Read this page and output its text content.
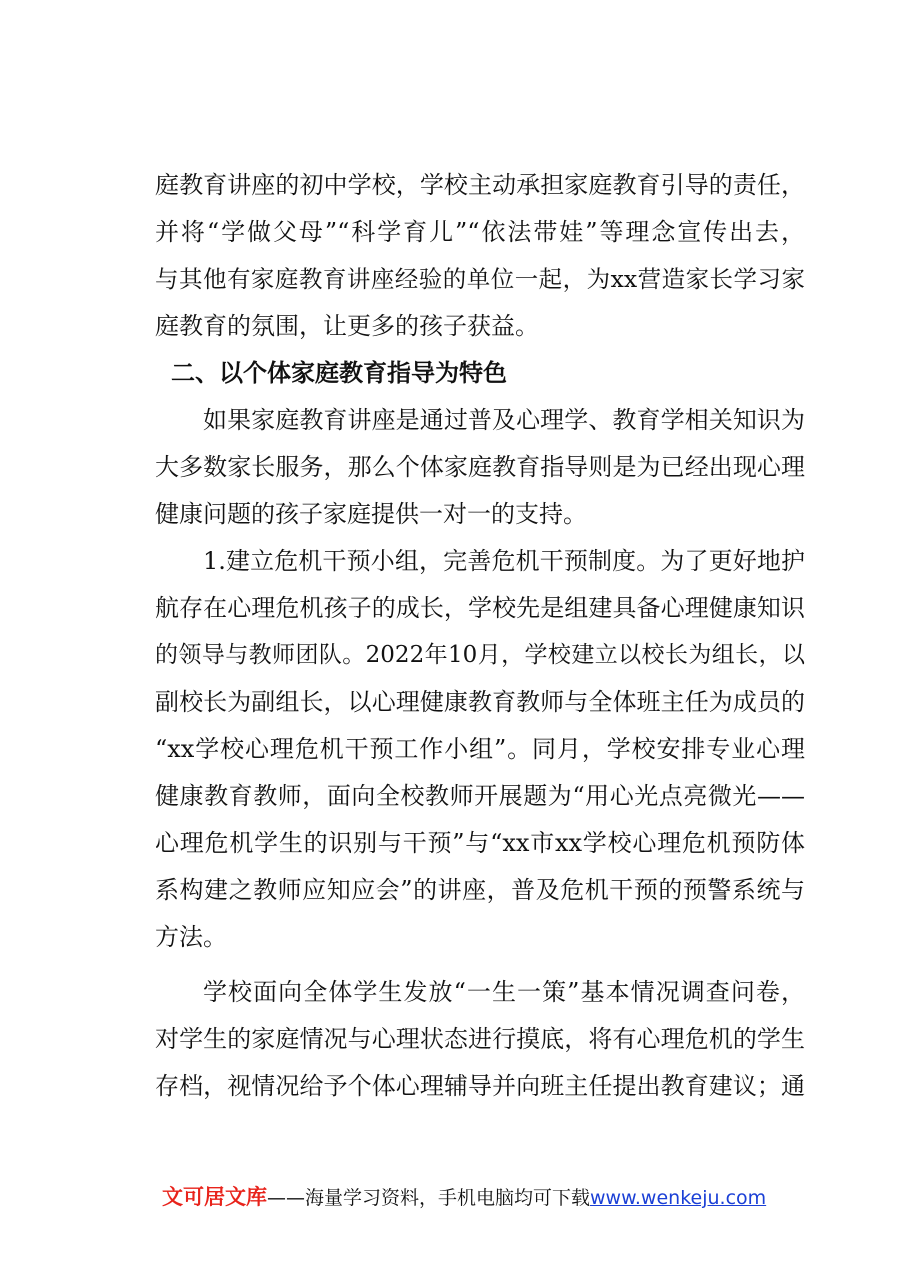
庭教育讲座的初中学校，学校主动承担家庭教育引导的责任，
并将“学做父母”“科学育儿”“依法带娃”等理念宣传出去，
与其他有家庭教育讲座经验的单位一起，为xx营造家长学习家
庭教育的氛围，让更多的孩子获益。
二、以个体家庭教育指导为特色
如果家庭教育讲座是通过普及心理学、教育学相关知识为
大多数家长服务，那么个体家庭教育指导则是为已经出现心理
健康问题的孩子家庭提供一对一的支持。
1.建立危机干预小组，完善危机干预制度。为了更好地护
航存在心理危机孩子的成长，学校先是组建具备心理健康知识
的领导与教师团队。2022年10月，学校建立以校长为组长，以
副校长为副组长，以心理健康教育教师与全体班主任为成员的
“xx学校心理危机干预工作小组”。同月，学校安排专业心理
健康教育教师，面向全校教师开展题为“用心光点亮微光——
心理危机学生的识别与干预”与“xx市xx学校心理危机预防体
系构建之教师应知应会”的讲座，普及危机干预的预警系统与
方法。
学校面向全体学生发放“一生一策”基本情况调查问卷，
对学生的家庭情况与心理状态进行摸底，将有心理危机的学生
存档，视情况给予个体心理辅导并向班主任提出教育建议；通
文可居文库——海量学习资料，手机电脑均可下载www.wenkeju.com
